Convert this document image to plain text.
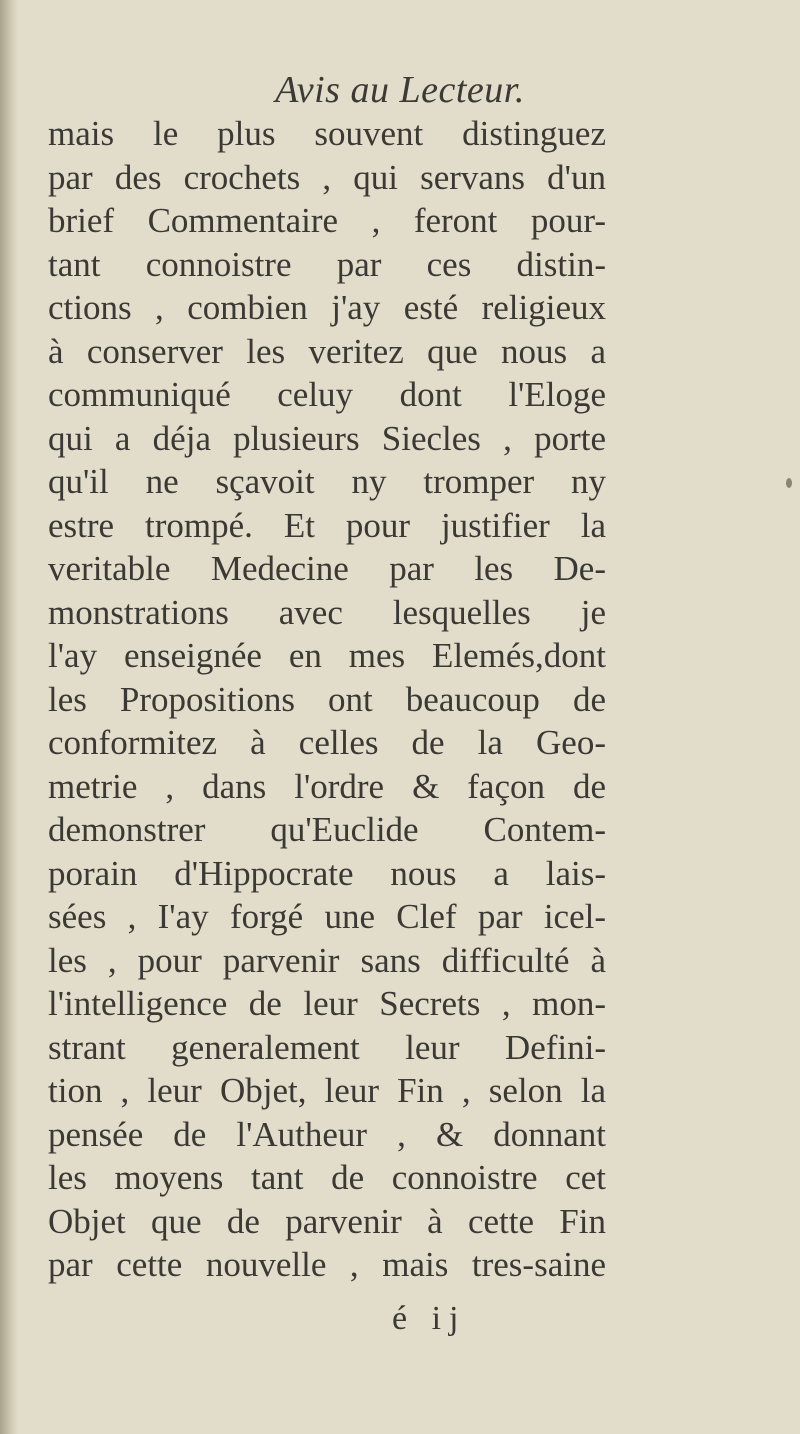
Avis au Lecteur.
mais le plus souvent distinguez
par des crochets , qui servans d'un
brief Commentaire , feront pour-
tant connoistre par ces distin-
ctions , combien j'ay esté religieux
à conserver les veritez que nous a
communiqué celuy dont l'Eloge
qui a déja plusieurs Siecles , porte
qu'il ne sçavoit ny tromper ny
estre trompé. Et pour justifier la
veritable Medecine par les De-
monstrations avec lesquelles je
l'ay enseignée en mes Elemés,dont
les Propositions ont beaucoup de
conformitez à celles de la Geo-
metrie , dans l'ordre & façon de
demonstrer qu'Euclide Contem-
porain d'Hippocrate nous a lais-
sées , I'ay forgé une Clef par icel-
les , pour parvenir sans difficulté à
l'intelligence de leur Secrets , mon-
strant generalement leur Defini-
tion , leur Objet, leur Fin , selon la
pensée de l'Autheur , & donnant
les moyens tant de connoistre cet
Objet que de parvenir à cette Fin
par cette nouvelle , mais tres-saine
é ij
